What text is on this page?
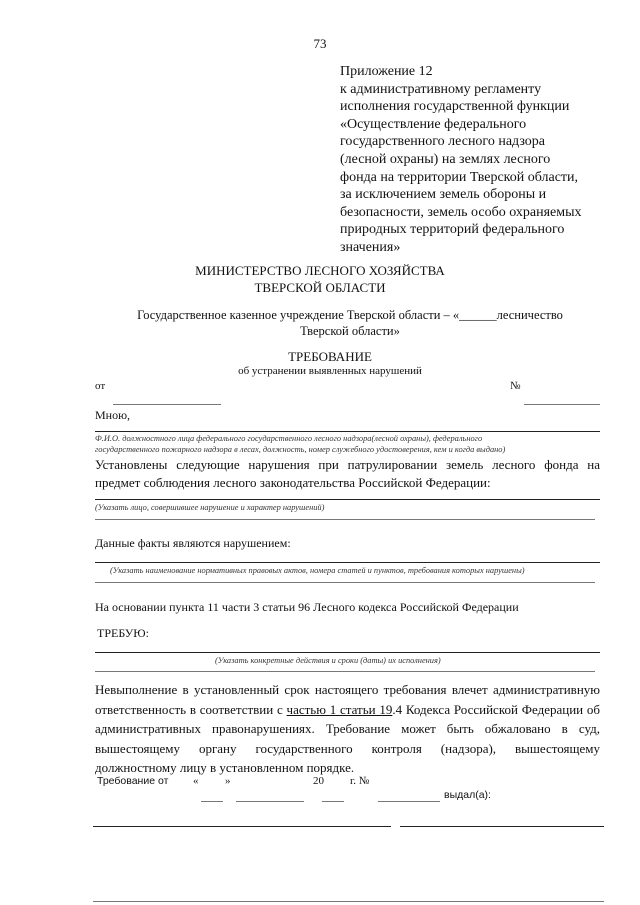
73
Приложение 12
к административному регламенту
исполнения государственной функции
«Осуществление федерального
государственного лесного надзора
(лесной охраны) на землях лесного
фонда на территории Тверской области,
за исключением земель обороны и
безопасности, земель особо охраняемых
природных территорий федерального
значения»
МИНИСТЕРСТВО ЛЕСНОГО ХОЗЯЙСТВА
ТВЕРСКОЙ ОБЛАСТИ
Государственное казенное учреждение Тверской области – «______лесничество
Тверской области»
ТРЕБОВАНИЕ
об устранении выявленных нарушений
от	№
Мною,
Ф.И.О. должностного лица федерального государственного лесного надзора(лесной охраны), федерального
государственного пожарного надзора в лесах, должность, номер служебного удостоверения, кем и когда выдано)
Установлены следующие нарушения при патрулировании земель лесного фонда на предмет соблюдения лесного законодательства Российской Федерации:
(Указать лицо, совершившее нарушение и характер нарушений)
Данные факты являются нарушением:
(Указать наименование нормативных правовых актов, номера статей и пунктов, требования которых нарушены)
На основании пункта 11 части 3 статьи 96 Лесного кодекса Российской Федерации
ТРЕБУЮ:
(Указать конкретные действия и сроки (даты) их исполнения)
Невыполнение в установленный срок настоящего требования влечет административную ответственность в соответствии с частью 1 статьи 19.4 Кодекса Российской Федерации об административных правонарушениях. Требование может быть обжаловано в суд, вышестоящему органу государственного контроля (надзора), вышестоящему должностному лицу в установленном порядке.
Требование от « »	20 г. №
выдал(а):
